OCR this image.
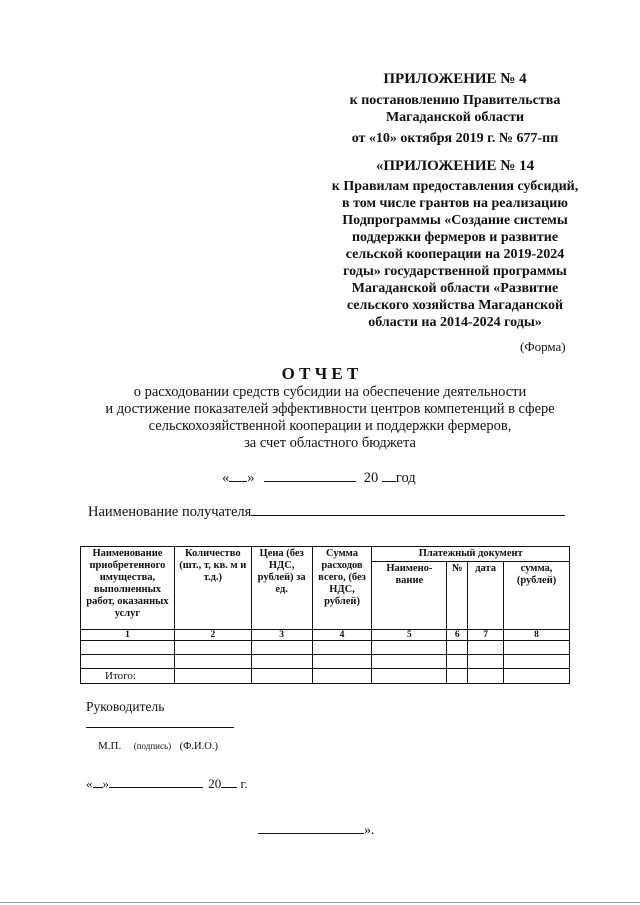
ПРИЛОЖЕНИЕ № 4
к постановлению Правительства
Магаданской области
от «10» октября 2019 г. № 677-пп
«ПРИЛОЖЕНИЕ № 14
к Правилам предоставления субсидий,
в том числе грантов на реализацию
Подпрограммы «Создание системы
поддержки фермеров и развитие
сельской кооперации на 2019-2024
годы» государственной программы
Магаданской области «Развитие
сельского хозяйства Магаданской
области на 2014-2024 годы»
(Форма)
О Т Ч Е Т
о расходовании средств субсидии на обеспечение деятельности
и достижение показателей эффективности центров компетенций в сфере
сельскохозяйственной кооперации и поддержки фермеров,
за счет областного бюджета
« »	20 год
Наименование получателя
Наименование приобретенного имущества, выполненных работ, оказанных услуг	Количество (шт., т, кв. м и т.д.)	Цена (без НДС, рублей) за ед.	Сумма расходов всего, (без НДС, рублей)	Платежный документ			
				Наимено-вание	№	дата	сумма, (рублей)
1	2	3	4	5	6	7	8

Итого:							
Руководитель
М.П. (подпись) (Ф.И.О.)
« »	20 г.
».
